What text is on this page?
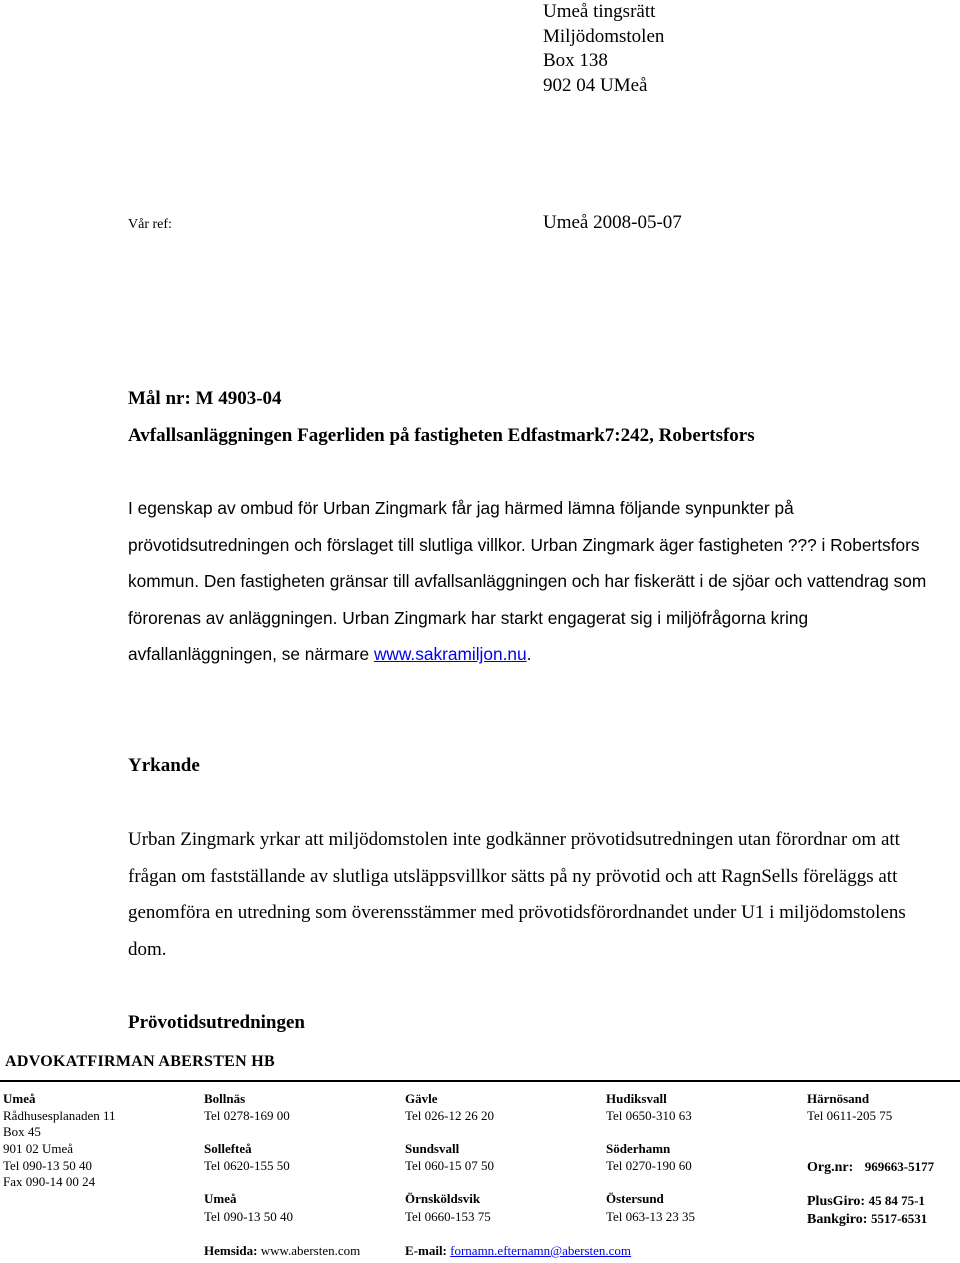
Umeå tingsrätt
Miljödomstolen
Box 138
902 04 UMeå
Vår ref:	Umeå 2008-05-07
Mål nr: M 4903-04
Avfallsanläggningen Fagerliden på fastigheten Edfastmark7:242, Robertsfors

I egenskap av ombud för Urban Zingmark får jag härmed lämna följande synpunkter på prövotidsutredningen och förslaget till slutliga villkor. Urban Zingmark äger fastigheten ??? i Robertsfors kommun. Den fastigheten gränsar till avfallsanläggningen och har fiskerätt i de sjöar och vattendrag som förorenas av anläggningen. Urban Zingmark har starkt engagerat sig i miljöfrågorna kring avfallanläggningen, se närmare www.sakramiljon.nu.

Yrkande

Urban Zingmark yrkar att miljödomstolen inte godkänner prövotidsutredningen utan förordnar om att frågan om fastställande av slutliga utsläppsvillkor sätts på ny prövotid och att RagnSells föreläggs att genomföra en utredning som överensstämmer med prövotidsförordnandet under U1 i miljödomstolens dom.

Prövotidsutredningen
ADVOKATFIRMAN ABERSTEN HB
Umeå
Rådhusesplanaden 11
Box 45
901 02 Umeå
Tel 090-13 50 40
Fax 090-14 00 24
Bollnäs
Tel 0278-169 00
Sollefteå
Tel 0620-155 50
Umeå
Tel 090-13 50 40
Gävle
Tel 026-12 26 20
Sundsvall
Tel 060-15 07 50
Örnsköldsvik
Tel 0660-153 75
Hudiksvall
Tel 0650-310 63
Söderhamn
Tel 0270-190 60
Östersund
Tel 063-13 23 35
Härnösand
Tel 0611-205 75
Org.nr: 969663-5177
PlusGiro: 45 84 75-1
Bankgiro: 5517-6531
Hemsida: www.abersten.com	E-mail: fornamn.efternamn@abersten.com
